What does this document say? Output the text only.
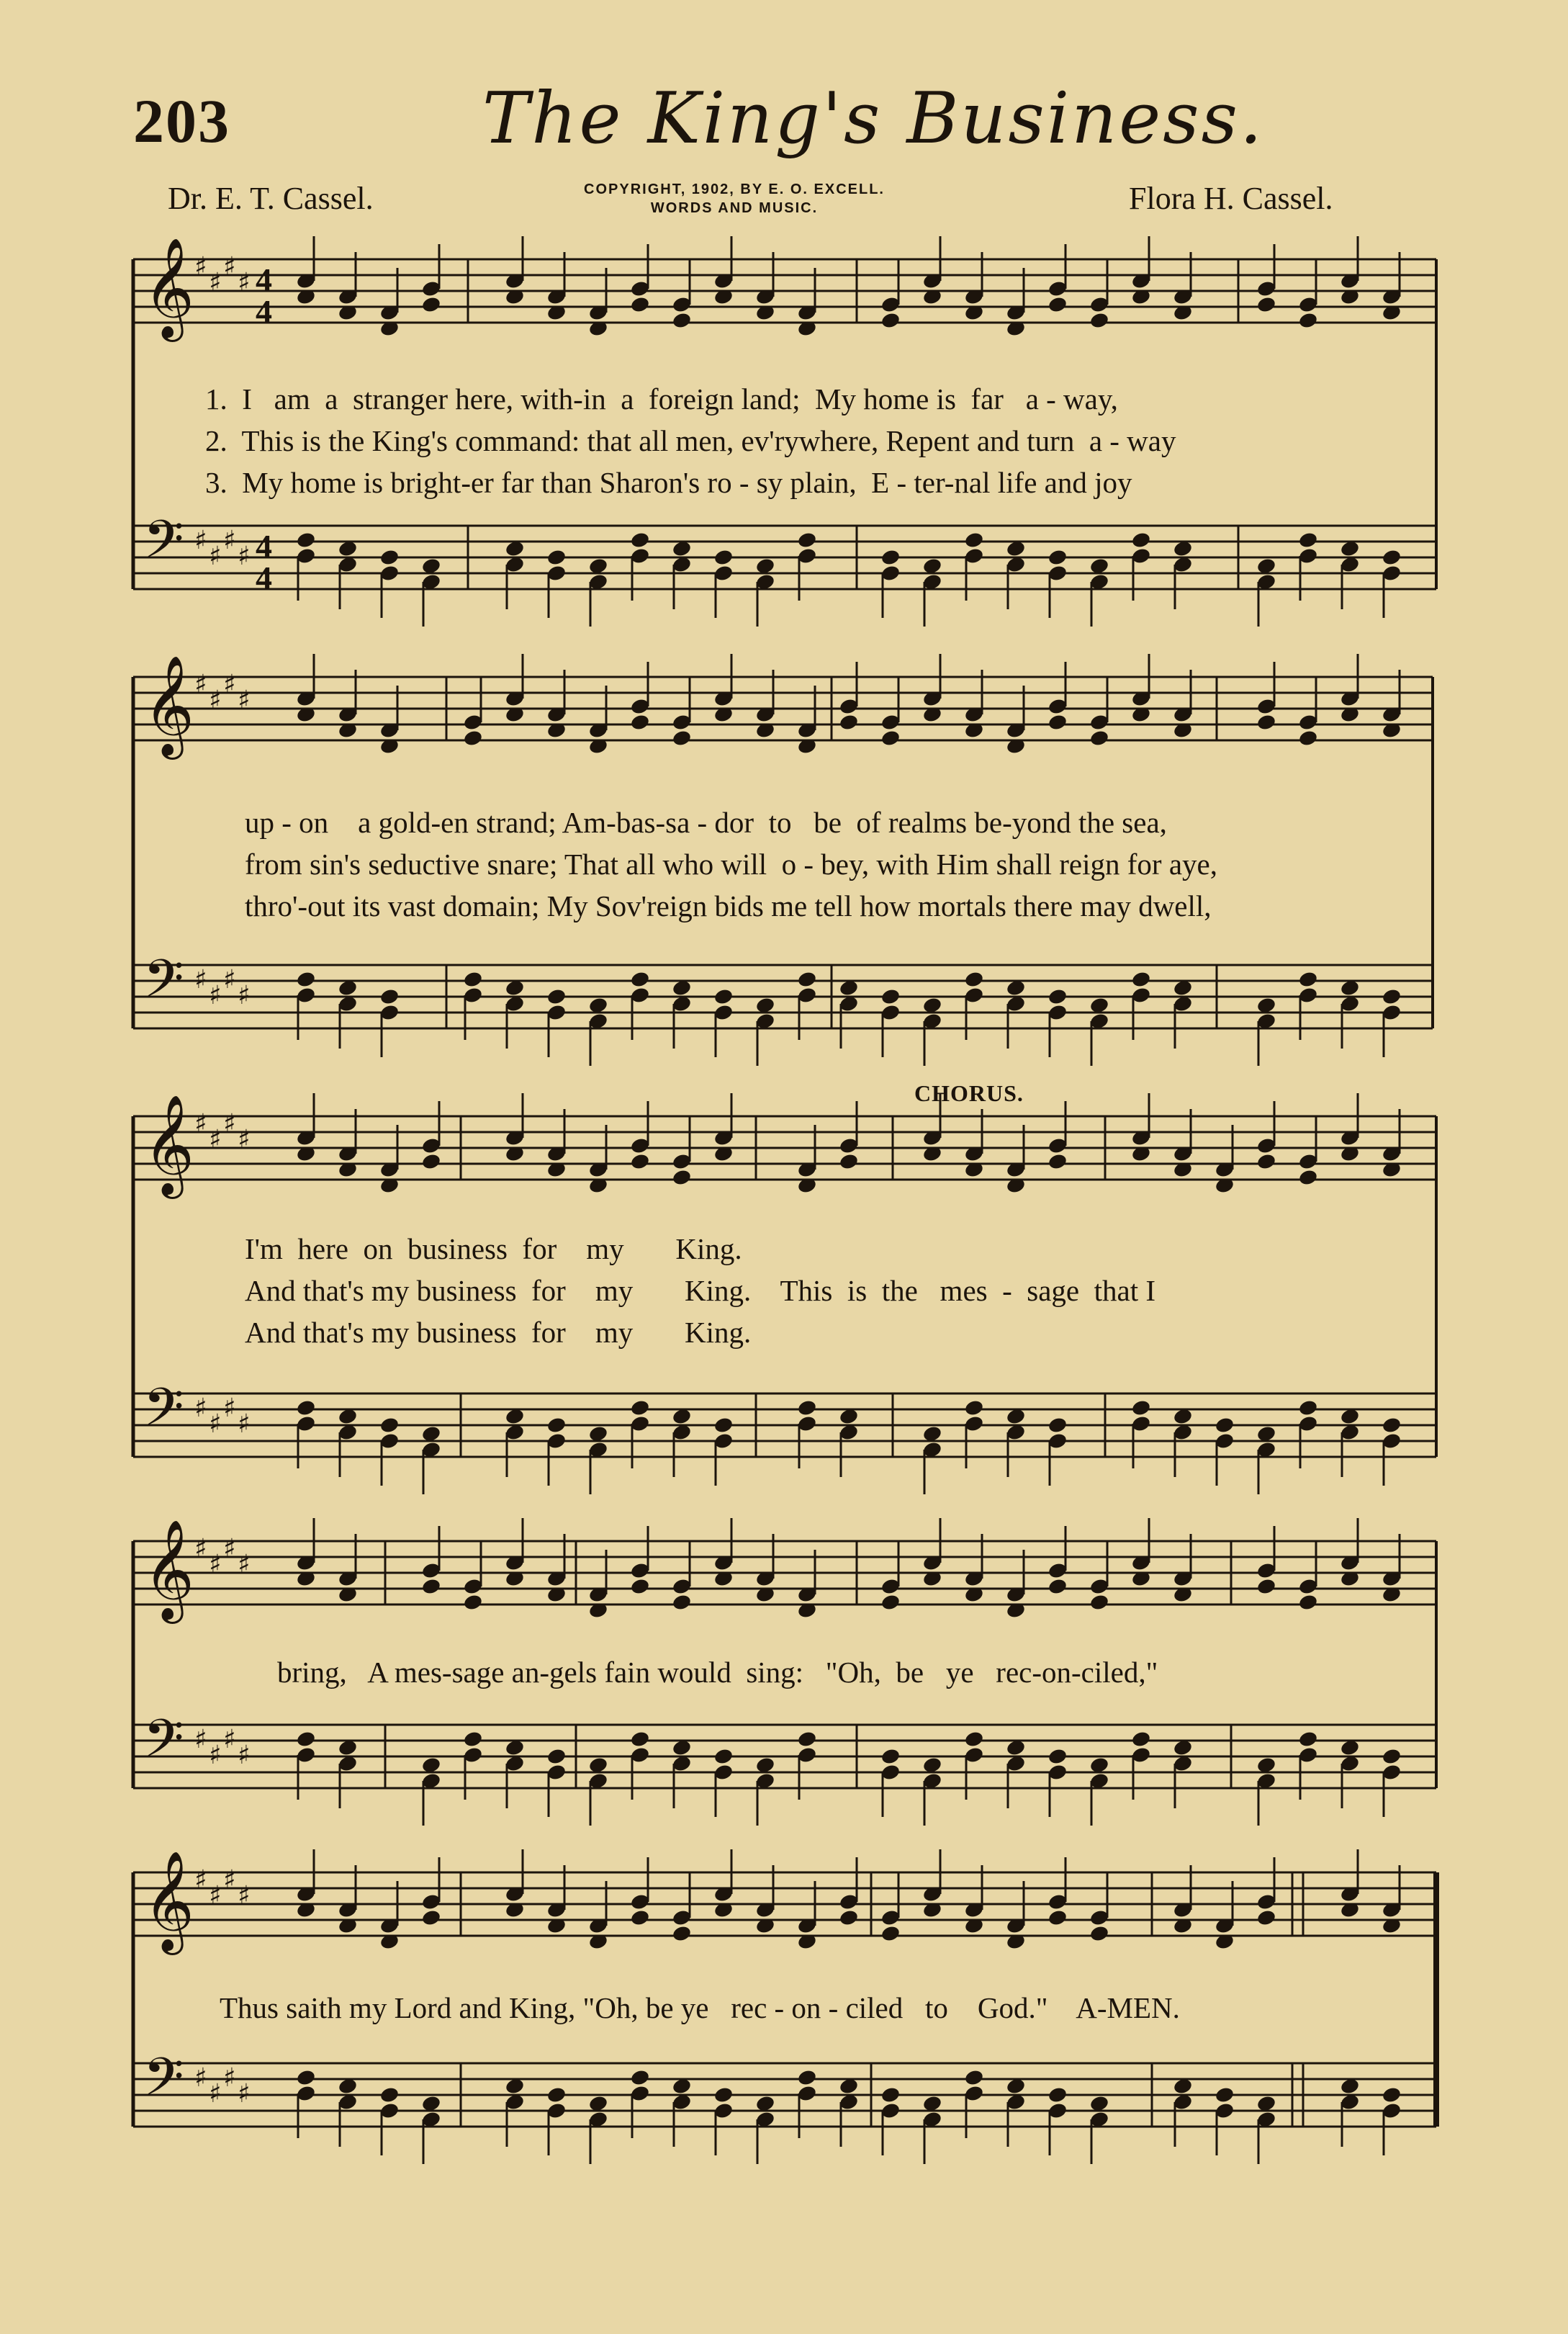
203	The King's Business.
Dr. E. T. Cassel.	COPYRIGHT, 1902, BY E. O. EXCELL.
WORDS AND MUSIC.	Flora H. Cassel.
𝄞 ♯
♯
♯
♯ 4
4
𝄢 ♯
♯
♯
♯ 4
4
𝄞 ♯
♯
♯
♯
𝄢 ♯
♯
♯
♯
𝄞 ♯
♯
♯
♯
𝄢 ♯
♯
♯
♯
𝄞 ♯
♯
♯
♯
𝄢 ♯
♯
♯
♯
𝄞 ♯
♯
♯
♯
𝄢 ♯
♯
♯
♯
1.  I   am  a  stranger here, with-in  a  foreign land;  My home is  far   a - way,
2.  This is the King's command: that all men, ev'rywhere, Repent and turn  a - way
3.  My home is bright-er far than Sharon's ro - sy plain,  E - ter-nal life and joy
up - on    a gold-en strand; Am-bas-sa - dor  to   be  of realms be-yond the sea,
from sin's seductive snare; That all who will  o - bey, with Him shall reign for aye,
thro'-out its vast domain; My Sov'reign bids me tell how mortals there may dwell,
CHORUS.
I'm  here  on  business  for    my       King.
And that's my business  for    my       King.    This  is  the   mes  -  sage  that I
And that's my business  for    my       King.
bring,   A mes-sage an-gels fain would  sing:   "Oh,  be   ye   rec-on-ciled,"
Thus saith my Lord and King, "Oh, be ye   rec - on - ciled   to    God."    A-MEN.
